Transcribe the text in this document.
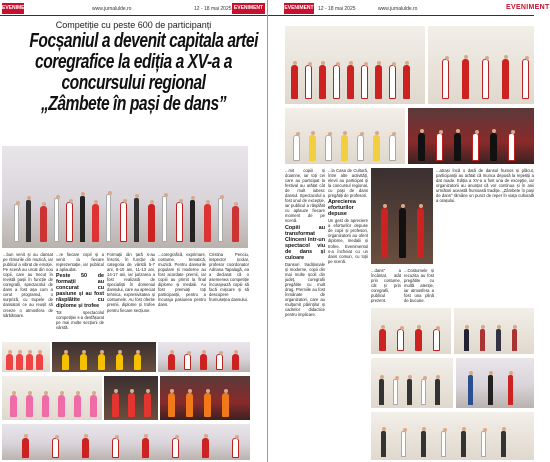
EVENIMENT	www.jurnalulde.ro	12 - 18 mai 2025 EVENIMENT
Competiție cu peste 600 de participanți
Focșaniul a devenit capitala artei
coregrafice la ediția a XV-a a
concursului regional
„Zâmbete în pași de dans”
...bun venit și au dansat pe ritmurile din muzică, iar publicul a vibrat de emoție. Pe scenă au urcat din nou copii, care au trecut în revistă pașii în funcție de coregrafii, spectacolul de dans a fost așa cum a cerut programul, o surpriză, cu trupele de dansatori ce au reușit să creeze o atmosfera de sărbătoare.
...re fiecare copil și a venit la fiecare reprezentație, iar publicul a aplaudat.
Peste 50 de formații au concurat cu pasiune și au fost răsplătite cu diplome și trofee
Tot spectacolul competiției s-a desfășurat pe mai multe secțiuni de vârstă.
Formații din țară s-au înscris, în funcție de categoria de vârstă 5-7 ani, 8-10 ani, 11-13 ani, 14-17 ani, iar jurizarea a fost realizată de specialiști în domeniul dansului, care au apreciat tehnica, expresivitatea și costumele. Au fost oferite premii, diplome și trofee pentru fiecare secțiune.
...coregrafică, exprimare, costume, tematică, muzică. Pentru dansurile populare și moderne au fost acordate premii, iar copiii au primit la final diplome și medalii. Au fost premiați toți participanții, pentru a încuraja pasiunea pentru dans.
Cristina Penciu, inspector școlar, profesor coordonator Adriana Tapalagă, ea a declarat că o asemenea competiție încurajează copiii să facă mișcare și să descopere frumusețea dansului.
EVENIMENT 12 - 18 mai 2025	www.jurnalulde.ro	EVENIMENT
...mit copiii și doamne, iar toți cei care au participat la festival au arătat cât de mult iubesc dansul. Spectacolul a fost unul de excepție, iar publicul a răsplătit cu aplauze fiecare moment de pe scenă.
Copiii au transformat Clinceni într-un spectacol viu de dans și culoare
Dansuri tradiționale și moderne, copii din mai multe școli din județ, coregrafii pregătite cu mult drag. Premiile au fost înmânate de organizatori, care au mulțumit părinților și cadrelor didactice pentru implicare.
...la Casa de Cultură, între alte activități, elevii au participat și la concursul regional, cu pași de dans pregătiți de profesori.
Aprecierea eforturilor depuse
Un gest de apreciere a eforturilor depuse de copii și profesori, organizatorii au oferit diplome, medalii și trofee. Evenimentul s-a încheiat cu un dans comun, cu toții pe scenă.
...dans” a încântat, atât prin costume, cât și prin coregrafii, publicul prezent.
...Costumele și recuzita au fost pregătite cu multă atenție, iar atmosfera a fost una plină de bucurie.
...atrași încă o dată de dansul frumos și plăcut, participanții au arătat că munca depusă la repetiții a dat roade. Ediția a XV-a a fost una de excepție, iar organizatorii au anunțat că vor continua și în anii următori această frumoasă tradiție. „Zâmbete în pași de dans” rămâne un punct de reper în viața culturală a orașului.
